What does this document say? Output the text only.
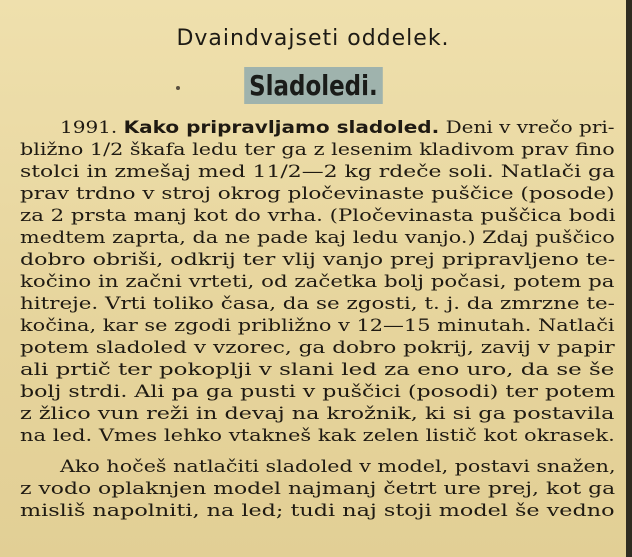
Dvaindvajseti oddelek.
Sladoledi.
1991. Kako pripravljamo sladoled. Deni v vrečo pri-
bližno 1/2 škafa ledu ter ga z lesenim kladivom prav fino
stolci in zmešaj med 11/2—2 kg rdeče soli. Natlači ga
prav trdno v stroj okrog pločevinaste puščice (posode)
za 2 prsta manj kot do vrha. (Pločevinasta puščica bodi
medtem zaprta, da ne pade kaj ledu vanjo.) Zdaj puščico
dobro obriši, odkrij ter vlij vanjo prej pripravljeno te-
kočino in začni vrteti, od začetka bolj počasi, potem pa
hitreje. Vrti toliko časa, da se zgosti, t. j. da zmrzne te-
kočina, kar se zgodi približno v 12—15 minutah. Natlači
potem sladoled v vzorec, ga dobro pokrij, zavij v papir
ali prtič ter pokoplji v slani led za eno uro, da se še
bolj strdi. Ali pa ga pusti v puščici (posodi) ter potem
z žlico vun reži in devaj na krožnik, ki si ga postavila
na led. Vmes lehko vtakneš kak zelen listič kot okrasek.
Ako hočeš natlačiti sladoled v model, postavi snažen,
z vodo oplaknjen model najmanj četrt ure prej, kot ga
misliš napolniti, na led; tudi naj stoji model še vedno
